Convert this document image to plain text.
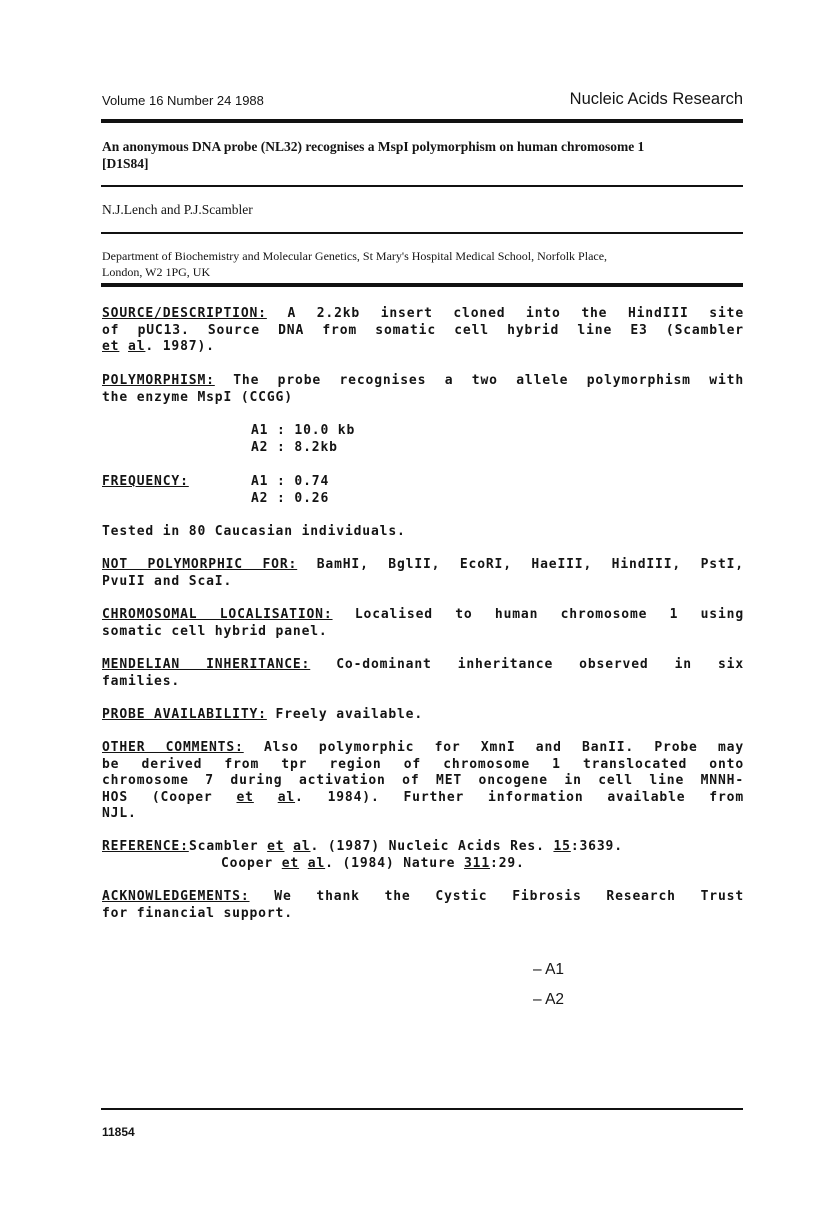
Volume 16 Number 24 1988	Nucleic Acids Research
An anonymous DNA probe (NL32) recognises a MspI polymorphism on human chromosome 1
[D1S84]
N.J.Lench and P.J.Scambler
Department of Biochemistry and Molecular Genetics, St Mary's Hospital Medical School, Norfolk Place,
London, W2 1PG, UK
SOURCE/DESCRIPTION: A 2.2kb insert cloned into the HindIII site
of pUC13. Source DNA from somatic cell hybrid line E3 (Scambler
et al. 1987).
POLYMORPHISM: The probe recognises a two allele polymorphism with
the enzyme MspI (CCGG)
A1 : 10.0 kb
A2 : 8.2kb
FREQUENCY:	A1 : 0.74
A2 : 0.26
Tested in 80 Caucasian individuals.
NOT POLYMORPHIC FOR: BamHI, BglII, EcoRI, HaeIII, HindIII, PstI,
PvuII and ScaI.
CHROMOSOMAL LOCALISATION: Localised to human chromosome 1 using
somatic cell hybrid panel.
MENDELIAN INHERITANCE: Co-dominant inheritance observed in six
families.
PROBE AVAILABILITY: Freely available.
OTHER COMMENTS: Also polymorphic for XmnI and BanII. Probe may
be derived from tpr region of chromosome 1 translocated onto
chromosome 7 during activation of MET oncogene in cell line MNNH-
HOS (Cooper et al. 1984). Further information available from
NJL.
REFERENCE: Scambler et al. (1987) Nucleic Acids Res. 15:3639.
Cooper et al. (1984) Nature 311:29.
ACKNOWLEDGEMENTS: We thank the Cystic Fibrosis Research Trust
for financial support.
– A1
– A2
11854
